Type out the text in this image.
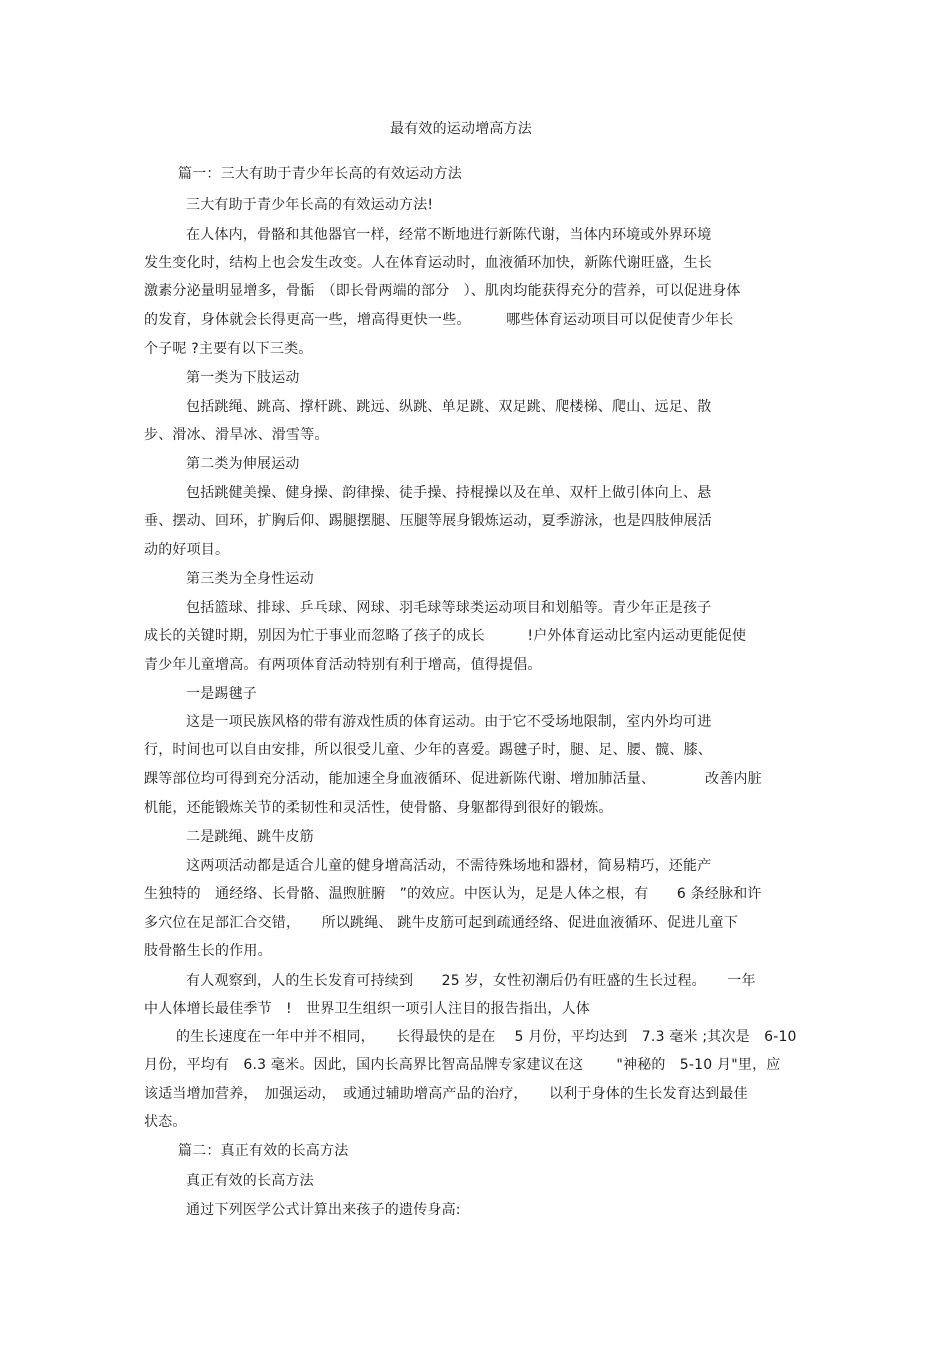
最有效的运动增高方法
篇一：三大有助于青少年长高的有效运动方法
三大有助于青少年长高的有效运动方法!
在人体内，骨骼和其他器官一样，经常不断地进行新陈代谢，当体内环境或外界环境
发生变化时，结构上也会发生改变。人在体育运动时，血液循环加快，新陈代谢旺盛，生长
激素分泌量明显增多，骨骺　（即长骨两端的部分　）、肌肉均能获得充分的营养，可以促进身体
的发育，身体就会长得更高一些，增高得更快一些。　　　哪些体育运动项目可以促使青少年长
个子呢 ?主要有以下三类。
第一类为下肢运动
包括跳绳、跳高、撑杆跳、跳远、纵跳、单足跳、双足跳、爬楼梯、爬山、远足、散
步、滑冰、滑旱冰、滑雪等。
第二类为伸展运动
包括跳健美操、健身操、韵律操、徒手操、持棍操以及在单、双杆上做引体向上、悬
垂、摆动、回环，扩胸后仰、踢腿摆腿、压腿等展身锻炼运动，夏季游泳，也是四肢伸展活
动的好项目。
第三类为全身性运动
包括篮球、排球、乒乓球、网球、羽毛球等球类运动项目和划船等。青少年正是孩子
成长的关键时期，别因为忙于事业而忽略了孩子的成长　　　!户外体育运动比室内运动更能促使
青少年儿童增高。有两项体育活动特别有利于增高，值得提倡。
一是踢毽子
这是一项民族风格的带有游戏性质的体育运动。由于它不受场地限制，室内外均可进
行，时间也可以自由安排，所以很受儿童、少年的喜爱。踢毽子时，腿、足、腰、髋、膝、
踝等部位均可得到充分活动，能加速全身血液循环、促进新陈代谢、增加肺活量、　　　　改善内脏
机能，还能锻炼关节的柔韧性和灵活性，使骨骼、身躯都得到很好的锻炼。
二是跳绳、跳牛皮筋
这两项活动都是适合儿童的健身增高活动，不需待殊场地和器材，简易精巧，还能产
生独特的　通经络、长骨骼、温煦脏腑　”的效应。中医认为，足是人体之根，有　　6 条经脉和许
多穴位在足部汇合交错，　　所以跳绳、 跳牛皮筋可起到疏通经络、促进血液循环、促进儿童下
肢骨骼生长的作用。
有人观察到，人的生长发育可持续到　　25 岁，女性初潮后仍有旺盛的生长过程。　　一年
中人体增长最佳季节　!　世界卫生组织一项引人注目的报告指出，人体
的生长速度在一年中并不相同，　　长得最快的是在　 5 月份，平均达到　7.3 毫米 ;其次是　6-10
月份，平均有　6.3 毫米。因此，国内长高界比智高品牌专家建议在这　　 "神秘的　5-10 月"里，应
该适当增加营养，　加强运动，　或通过辅助增高产品的治疗，　　以利于身体的生长发育达到最佳
状态。
篇二：真正有效的长高方法
真正有效的长高方法
通过下列医学公式计算出来孩子的遗传身高:
